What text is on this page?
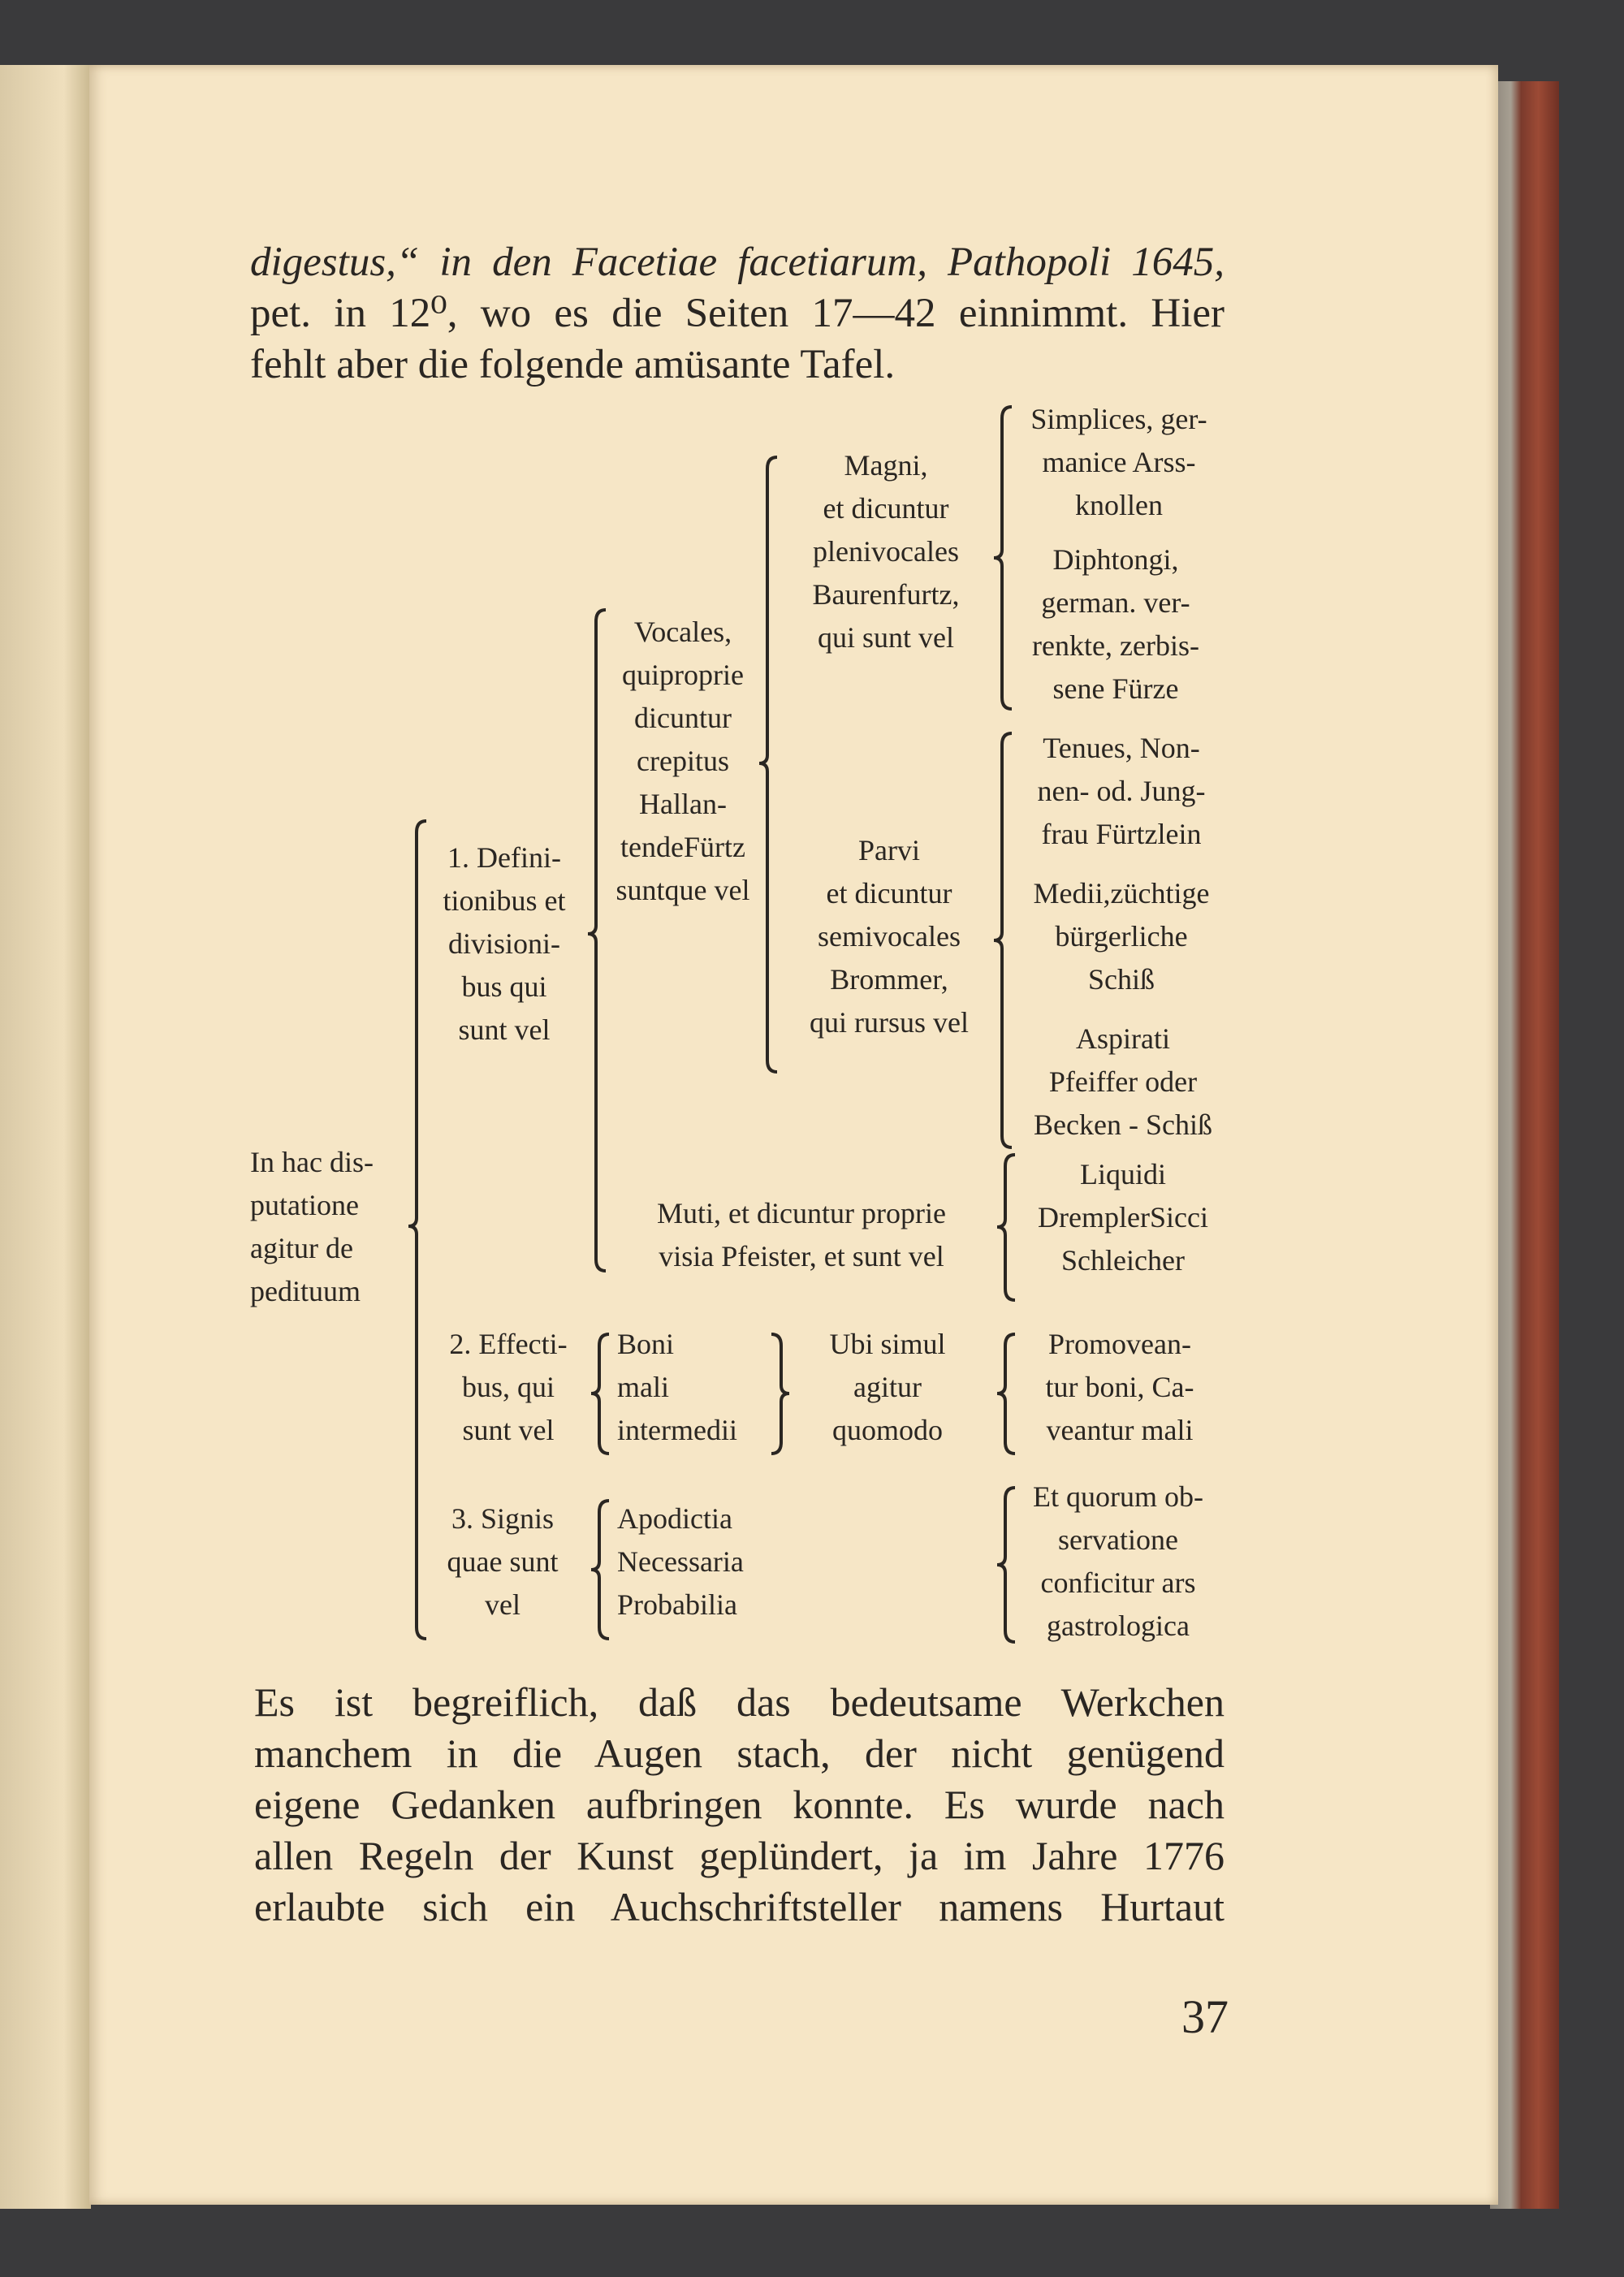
digestus,“ in den Facetiae facetiarum, Pathopoli 1645,
pet. in 12⁰, wo es die Seiten 17—42 einnimmt. Hier
fehlt aber die folgende amüsante Tafel.
In hac dis-
putatione
agitur de
pedituum
1. Defini-
tionibus et
divisioni-
bus qui
sunt vel
Vocales,
quiproprie
dicuntur
crepitus
Hallan-
tendeFürtz
suntque vel
Magni,
et dicuntur
plenivocales
Baurenfurtz,
qui sunt vel
Simplices, ger-
manice Arss-
knollen
Diphtongi,
german. ver-
renkte, zerbis-
sene Fürze
Parvi
et dicuntur
semivocales
Brommer,
qui rursus vel
Tenues, Non-
nen- od. Jung-
frau Fürtzlein
Medii,züchtige
bürgerliche
Schiß
Aspirati
Pfeiffer oder
Becken - Schiß
Muti, et dicuntur proprie
visia Pfeister, et sunt vel
Liquidi
DremplerSicci
Schleicher
2. Effecti-
bus, qui
sunt vel
Boni
mali
intermedii
Ubi simul
agitur
quomodo
Promovean-
tur boni, Ca-
veantur mali
3. Signis
quae sunt
vel
Apodictia
Necessaria
Probabilia
Et quorum ob-
servatione
conficitur ars
gastrologica
Es ist begreiflich, daß das bedeutsame Werkchen
manchem in die Augen stach, der nicht genügend
eigene Gedanken aufbringen konnte. Es wurde nach
allen Regeln der Kunst geplündert, ja im Jahre 1776
erlaubte sich ein Auchschriftsteller namens Hurtaut
37
